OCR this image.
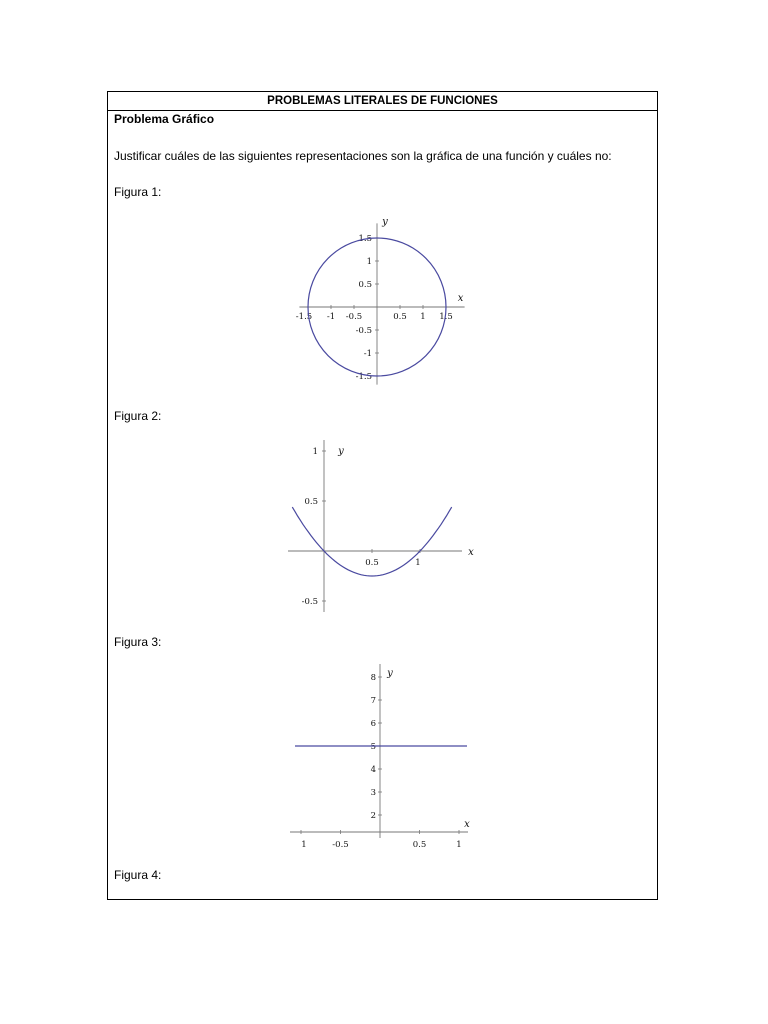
PROBLEMAS LITERALES DE FUNCIONES
Problema Gráfico
Justificar cuáles de las siguientes representaciones son la gráfica de una función y cuáles no:
Figura 1:
Figura 2:
Figura 3:
Figura 4:
-1.5 -1 -0.5	0.5 1 1.5
1.5
1
0.5
-0.5
-1
-1.5
x
y
0.5	1
1
0.5
-0.5
x
y
1	-0.5	0.5	1
8
7
6
5
4
3
2
x
y
